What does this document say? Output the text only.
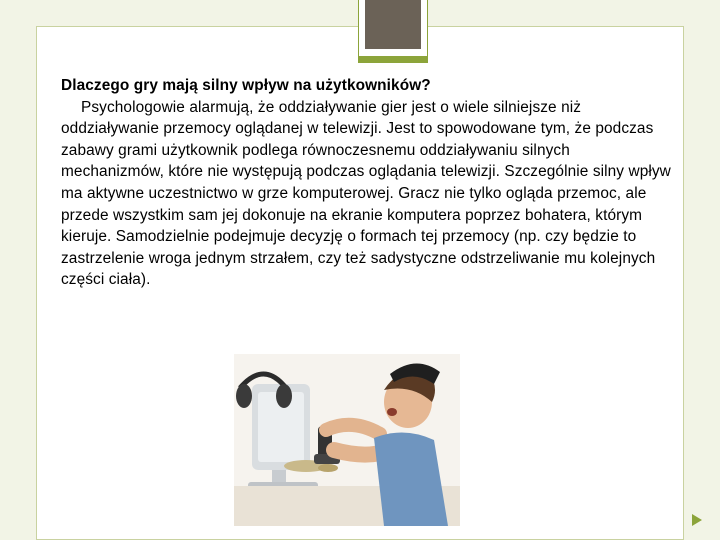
Dlaczego gry mają silny wpływ na użytkowników?
Psychologowie alarmują, że oddziaływanie gier jest o wiele silniejsze niż oddziaływanie przemocy oglądanej w telewizji. Jest to spowodowane tym, że podczas zabawy grami użytkownik podlega równoczesnemu oddziaływaniu silnych mechanizmów, które nie występują podczas oglądania telewizji. Szczególnie silny wpływ ma aktywne uczestnictwo w grze komputerowej. Gracz nie tylko ogląda przemoc, ale przede wszystkim sam jej dokonuje na ekranie komputera poprzez bohatera, którym kieruje. Samodzielnie podejmuje decyzję o formach tej przemocy (np. czy będzie to zastrzelenie wroga jednym strzałem, czy też sadystyczne odstrzeliwanie mu kolejnych części ciała).
